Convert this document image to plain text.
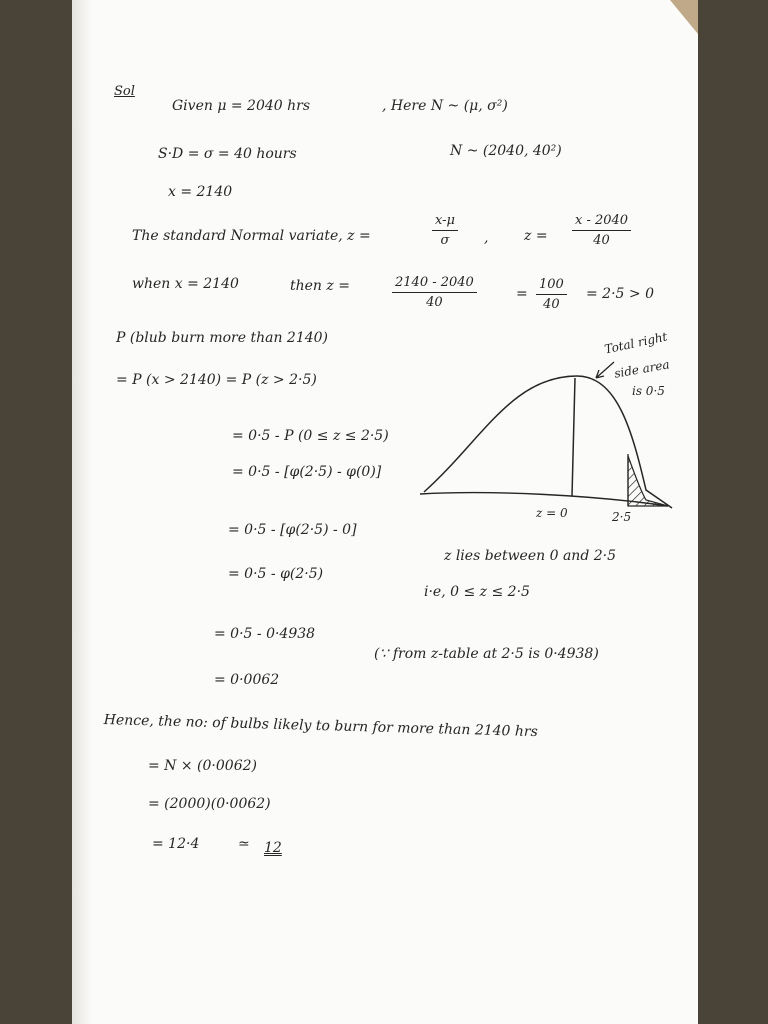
Sol
Given μ = 2040 hrs	, Here N ~ (μ, σ²)
S·D = σ = 40 hours	N ~ (2040, 40²)
x = 2140
The standard Normal variate, z =	$\frac{x-\mu}{\sigma}$ ,	$z = \frac{x - 2040}{40}$
when x = 2140	then z =	$\frac{2140 - 2040}{40}$	= $\frac{100}{40} = 2\cdot 5 > 0$
P (blub burn more than 2140)
= P (x > 2140) = P (z > 2·5)
= 0·5 - P (0 ≤ z ≤ 2·5)
= 0·5 - [φ(2·5) - φ(0)]
= 0·5 - [φ(2·5) - 0]
= 0·5 - φ(2·5)
= 0·5 - 0·4938
= 0·0062
Total right
side area
is 0·5
z = 0	2·5
z lies between 0 and 2·5
i·e, 0 ≤ z ≤ 2·5
(∵ from z-table at 2·5 is 0·4938)
Hence, the no: of bulbs likely to burn for more than 2140 hrs
= N × (0·0062)
= (2000)(0·0062)
= 12·4	≃ 12
